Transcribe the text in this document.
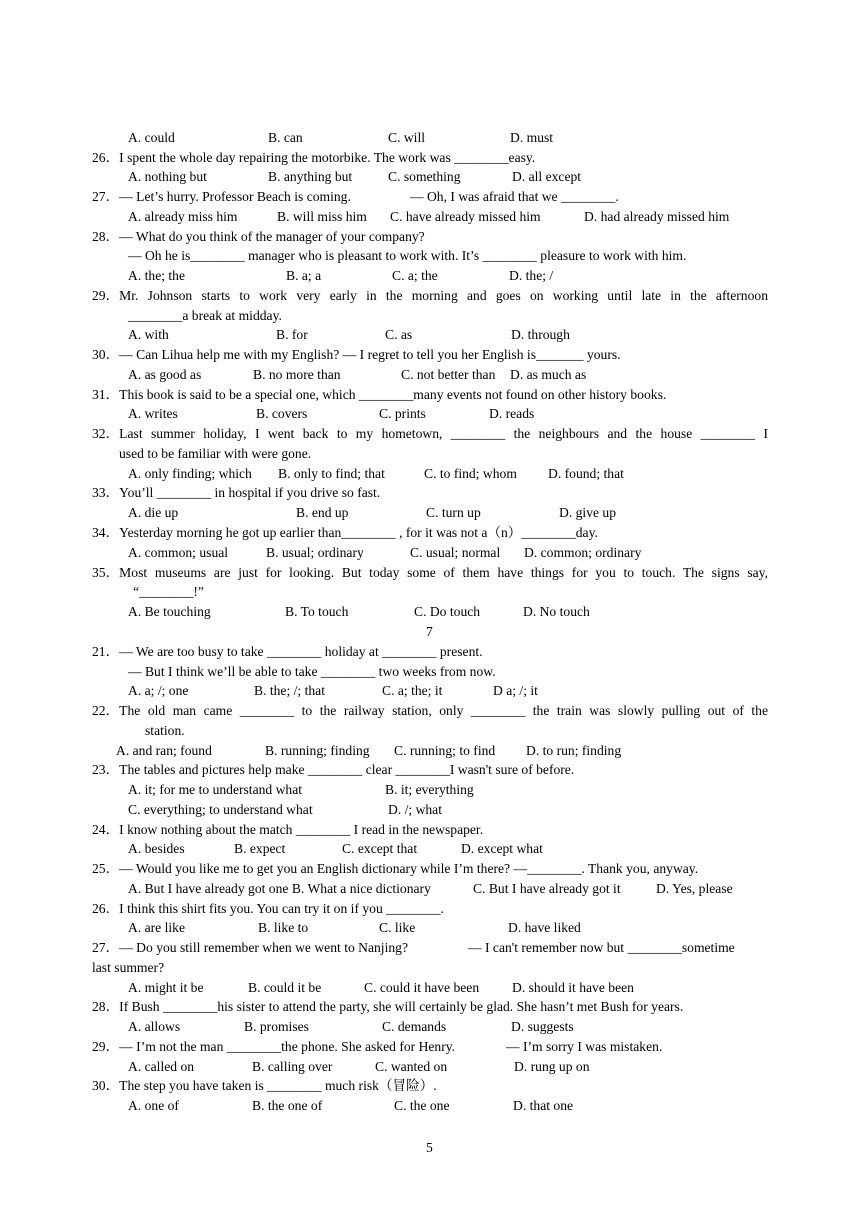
A. could	B. can	C. will	D. must
26．I spent the whole day repairing the motorbike. The work was ________easy.
A. nothing but	B. anything but	C. something	D. all except
27．— Let’s hurry. Professor Beach is coming.	— Oh, I was afraid that we ________.
A. already miss him	B. will miss him C. have already missed him	D. had already missed him
28．— What do you think of the manager of your company?
— Oh he is________ manager who is pleasant to work with. It’s ________ pleasure to work with him.
A. the; the	B. a; a	C. a; the	D. the; /
29．Mr. Johnson starts to work very early in the morning and goes on working until late in the afternoon
________a break at midday.
A. with	B. for	C. as	D. through
30．— Can Lihua help me with my English? — I regret to tell you her English is_______ yours.
A. as good as	B. no more than	C. not better than D. as much as
31．This book is said to be a special one, which ________many events not found on other history books.
A. writes	B. covers	C. prints	D. reads
32．Last summer holiday, I went back to my hometown, ________ the neighbours and the house ________ I
used to be familiar with were gone.
A. only finding; which B. only to find; that	C. to find; whom D. found; that
33．You’ll ________ in hospital if you drive so fast.
A. die up	B. end up	C. turn up	D. give up
34．Yesterday morning he got up earlier than________ , for it was not a（n）________day.
A. common; usual	B. usual; ordinary	C. usual; normal D. common; ordinary
35．Most museums are just for looking. But today some of them have things for you to touch. The signs say,
“________!”
A. Be touching	B. To touch	C. Do touch	D. No touch
7
21．— We are too busy to take ________ holiday at ________ present.
— But I think we’ll be able to take ________ two weeks from now.
A. a; /; one	B. the; /; that	C. a; the; it	D a; /; it
22．The old man came ________ to the railway station, only ________ the train was slowly pulling out of the
station.
A. and ran; found	B. running; finding C. running; to find D. to run; finding
23．The tables and pictures help make ________ clear ________I wasn't sure of before.
A. it; for me to understand what	B. it; everything
C. everything; to understand what	D. /; what
24．I know nothing about the match ________ I read in the newspaper.
A. besides	B. expect	C. except that	D. except what
25．— Would you like me to get you an English dictionary while I’m there? —________. Thank you, anyway.
A. But I have already got one B. What a nice dictionary	C. But I have already got it	D. Yes, please
26．I think this shirt fits you. You can try it on if you ________.
A. are like	B. like to	C. like	D. have liked
27．— Do you still remember when we went to Nanjing?	— I can't remember now but ________sometime
last summer?
A. might it be	B. could it be	C. could it have been D. should it have been
28．If Bush ________his sister to attend the party, she will certainly be glad. She hasn’t met Bush for years.
A. allows	B. promises	C. demands	D. suggests
29．— I’m not the man ________the phone. She asked for Henry.	— I’m sorry I was mistaken.
A. called on	B. calling over	C. wanted on	D. rung up on
30．The step you have taken is ________ much risk（冒险）.
A. one of	B. the one of	C. the one	D. that one
5
